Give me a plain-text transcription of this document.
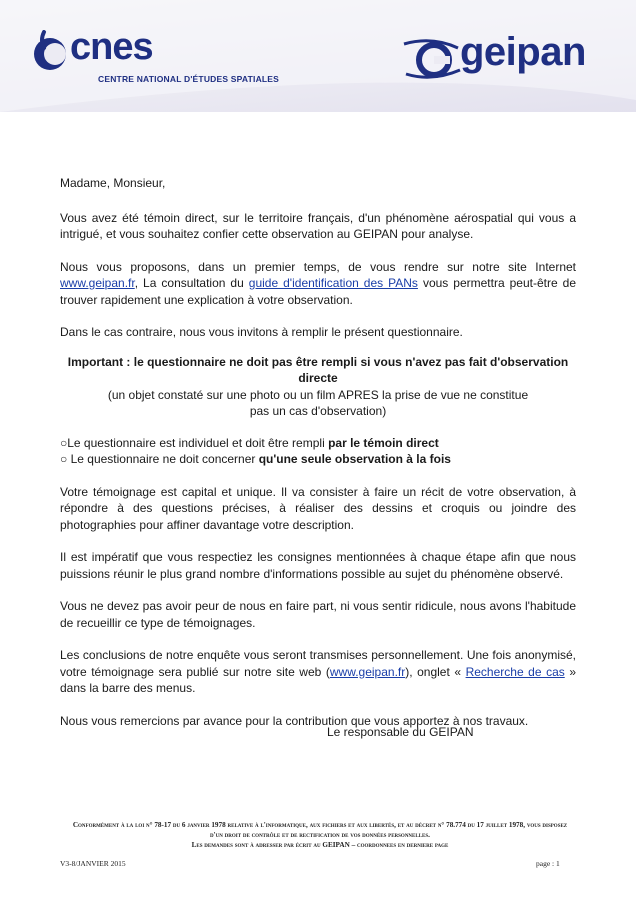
cnes
CENTRE NATIONAL D'ÉTUDES SPATIALES
geipan

Madame, Monsieur,

Vous avez été témoin direct, sur le territoire français, d'un phénomène aérospatial qui vous a intrigué, et vous souhaitez confier cette observation au GEIPAN pour analyse.

Nous vous proposons, dans un premier temps, de vous rendre sur notre site Internet www.geipan.fr, La consultation du guide d'identification des PANs vous permettra peut-être de trouver rapidement une explication à votre observation.

Dans le cas contraire, nous vous invitons à remplir le présent questionnaire.

Important : le questionnaire ne doit pas être rempli si vous n'avez pas fait d'observation directe

(un objet constaté sur une photo ou un film APRES la prise de vue ne constitue pas un cas d'observation)

○Le questionnaire est individuel et doit être rempli par le témoin direct

○ Le questionnaire ne doit concerner qu'une seule observation à la fois

Votre témoignage est capital et unique. Il va consister à faire un récit de votre observation, à répondre à des questions précises, à réaliser des dessins et croquis ou joindre des photographies pour affiner davantage votre description.

Il est impératif que vous respectiez les consignes mentionnées à chaque étape afin que nous puissions réunir le plus grand nombre d'informations possible au sujet du phénomène observé.

Vous ne devez pas avoir peur de nous en faire part, ni vous sentir ridicule, nous avons l'habitude de recueillir ce type de témoignages.

Les conclusions de notre enquête vous seront transmises personnellement. Une fois anonymisé, votre témoignage sera publié sur notre site web (www.geipan.fr), onglet « Recherche de cas » dans la barre des menus.

Nous vous remercions par avance pour la contribution que vous apportez à nos travaux.

Le responsable du GEIPAN
Conformément à la loi n° 78-17 du 6 janvier 1978 relative à l'informatique, aux fichiers et aux libertés, et au décret n° 78.774 du 17 juillet 1978, vous disposez d'un droit de contrôle et de rectification de vos données personnelles.
Les demandes sont à adresser par écrit au GEIPAN – coordonnees en derniere page
V3-8/JANVIER 2015	page : 1
